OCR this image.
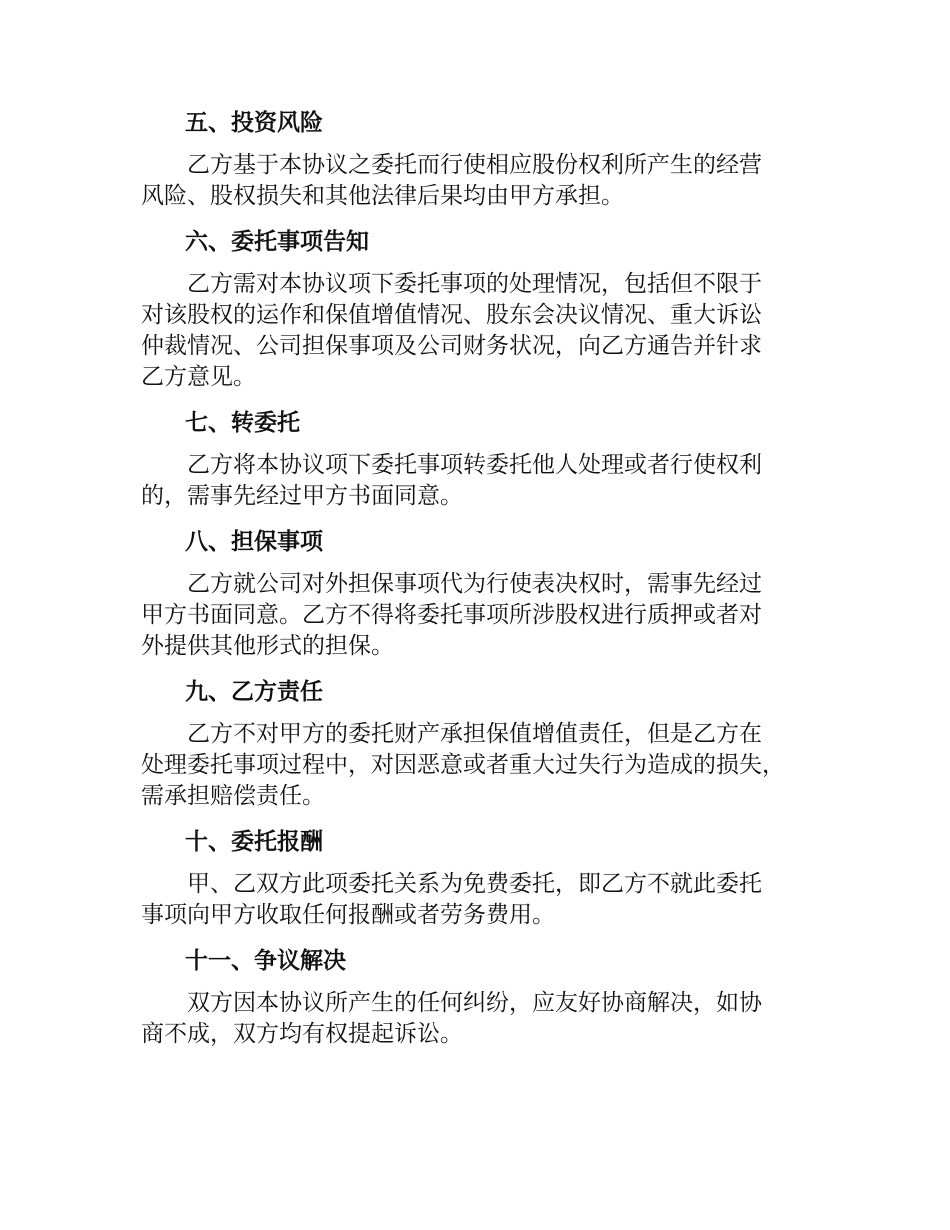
五、投资风险
乙方基于本协议之委托而行使相应股份权利所产生的经营
风险、股权损失和其他法律后果均由甲方承担。
六、委托事项告知
乙方需对本协议项下委托事项的处理情况，包括但不限于
对该股权的运作和保值增值情况、股东会决议情况、重大诉讼
仲裁情况、公司担保事项及公司财务状况，向乙方通告并针求
乙方意见。
七、转委托
乙方将本协议项下委托事项转委托他人处理或者行使权利
的，需事先经过甲方书面同意。
八、担保事项
乙方就公司对外担保事项代为行使表决权时，需事先经过
甲方书面同意。乙方不得将委托事项所涉股权进行质押或者对
外提供其他形式的担保。
九、乙方责任
乙方不对甲方的委托财产承担保值增值责任，但是乙方在
处理委托事项过程中，对因恶意或者重大过失行为造成的损失，
需承担赔偿责任。
十、委托报酬
甲、乙双方此项委托关系为免费委托，即乙方不就此委托
事项向甲方收取任何报酬或者劳务费用。
十一、争议解决
双方因本协议所产生的任何纠纷，应友好协商解决，如协
商不成，双方均有权提起诉讼。
